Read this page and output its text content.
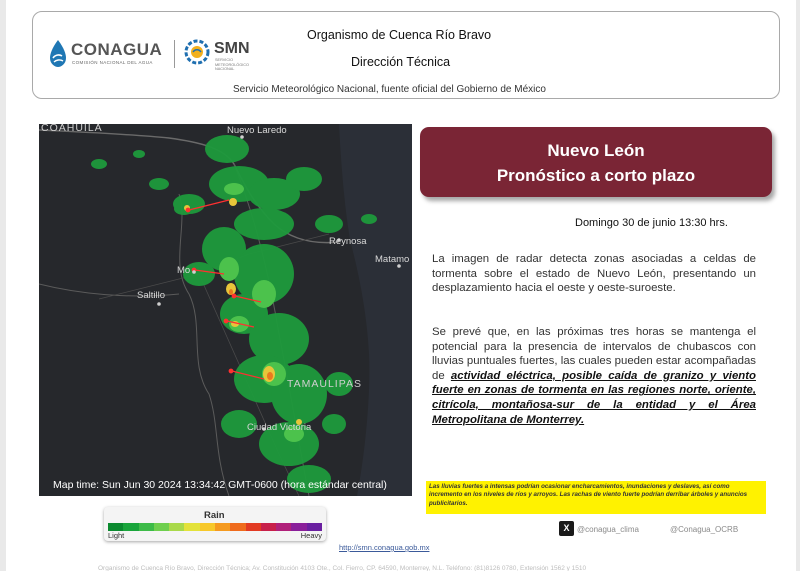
CONAGUA
COMISIÓN NACIONAL DEL AGUA
SMN
SERVICIO METEOROLÓGICO NACIONAL
Organismo de Cuenca Río Bravo
Dirección Técnica
Servicio Meteorológico Nacional, fuente oficial del Gobierno de México
COAHUILA	Nuevo Laredo
Reynosa
Matamo
Saltillo
Mo
TAMAULIPAS
Ciudad Victoria
Map time: Sun Jun 30 2024 13:34:42 GMT-0600 (hora estándar central)
Nuevo León
Pronóstico a corto plazo
Domingo 30 de junio 13:30 hrs.

La imagen de radar detecta zonas asociadas a celdas de tormenta sobre el estado de Nuevo León, presentando un desplazamiento hacia el oeste y oeste-suroeste.

Se prevé que, en las próximas tres horas se mantenga el potencial para la presencia de intervalos de chubascos con lluvias puntuales fuertes, las cuales pueden estar acompañadas de actividad eléctrica, posible caída de granizo y viento fuerte en zonas de tormenta en las regiones norte, oriente, citrícola, montañosa-sur de la entidad y el Área Metropolitana de Monterrey.

Las lluvias fuertes a intensas podrían ocasionar encharcamientos, inundaciones y deslaves, así como incremento en los niveles de ríos y arroyos. Las rachas de viento fuerte podrían derribar árboles y anuncios publicitarios.
Rain
Light	Heavy
X @conagua_clima	@Conagua_OCRB
http://smn.conagua.gob.mx
Organismo de Cuenca Río Bravo, Dirección Técnica; Av. Constitución 4103 Ote., Col. Fierro, CP. 64590, Monterrey, N.L. Teléfono: (81)8126 0780, Extensión 1562 y 1510
